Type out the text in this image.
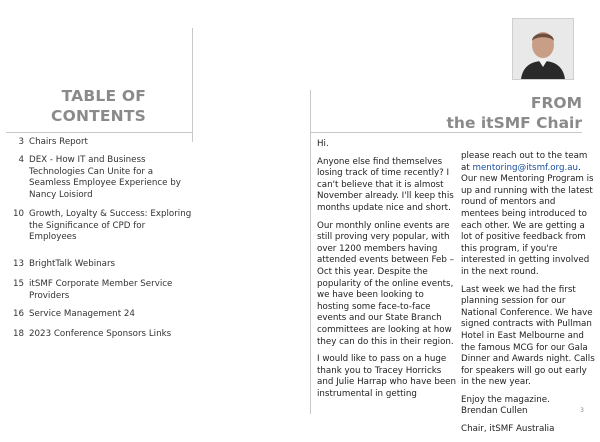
TABLE OF
CONTENTS
3 Chairs Report
4 DEX - How IT and Business Technologies Can Unite for a Seamless Employee Experience by Nancy Loisiord
10 Growth, Loyalty & Success: Exploring the Significance of CPD for Employees
13 BrightTalk Webinars
15 itSMF Corporate Member Service Providers
16 Service Management 24
18 2023 Conference Sponsors Links
FROM
the itSMF Chair

Hi.

Anyone else find themselves losing track of time recently? I can't believe that it is almost November already. I'll keep this months update nice and short.

Our monthly online events are still proving very popular, with over 1200 members having attended events between Feb – Oct this year. Despite the popularity of the online events, we have been looking to hosting some face-to-face events and our State Branch committees are looking at how they can do this in their region.

I would like to pass on a huge thank you to Tracey Horricks and Julie Harrap who have been instrumental in getting

please reach out to the team at mentoring@itsmf.org.au. Our new Mentoring Program is up and running with the latest round of mentors and mentees being introduced to each other. We are getting a lot of positive feedback from this program, if you're interested in getting involved in the next round.

Last week we had the first planning session for our National Conference. We have signed contracts with Pullman Hotel in East Melbourne and the famous MCG for our Gala Dinner and Awards night. Calls for speakers will go out early in the new year.

Enjoy the magazine.

Brendan Cullen

Chair, itSMF Australia

3
